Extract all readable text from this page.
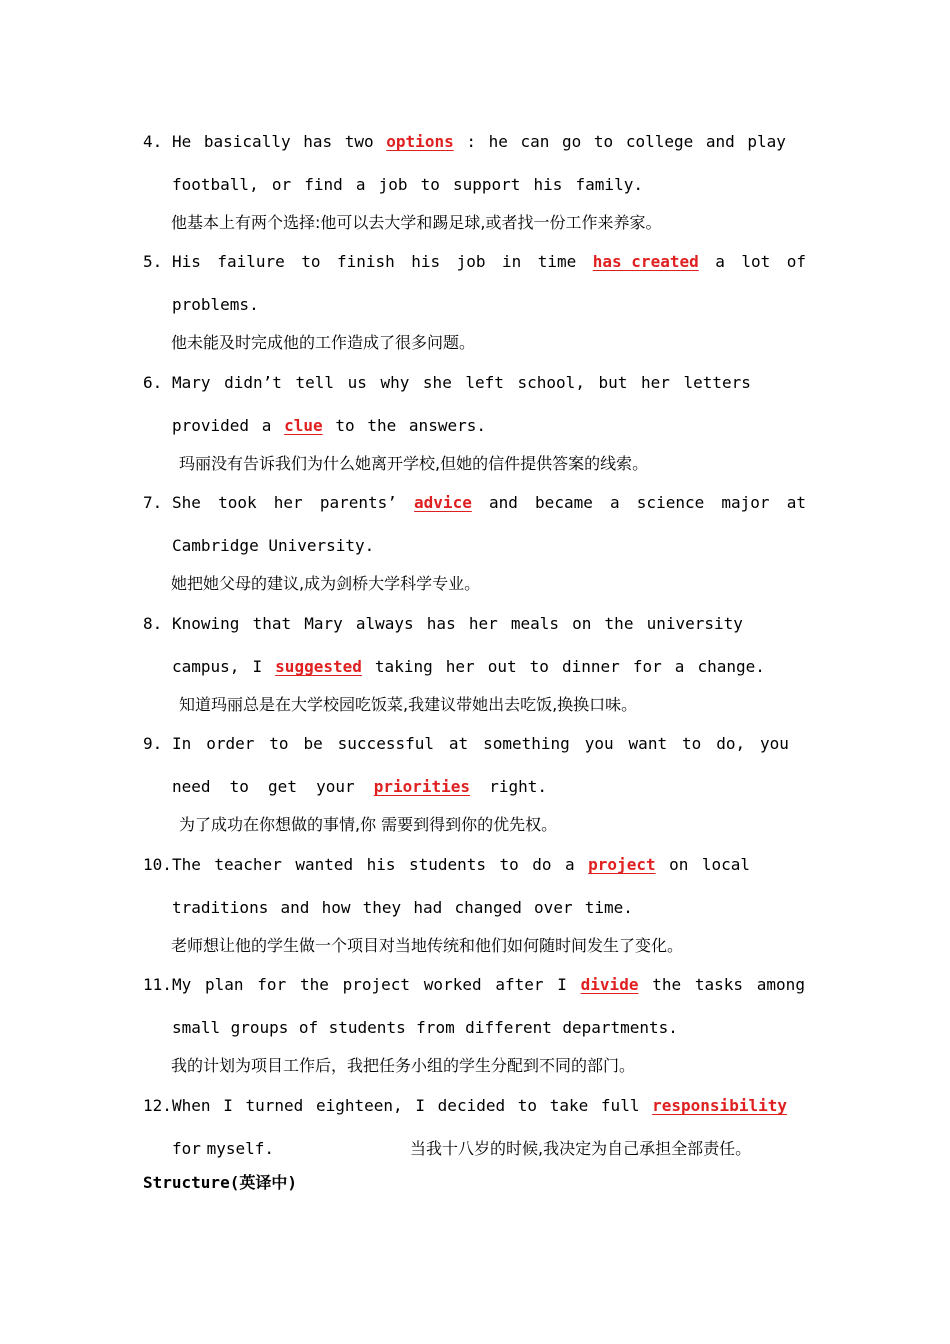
4. He basically has two options : he can go to college and play
football, or find a job to support his family.
他基本上有两个选择:他可以去大学和踢足球,或者找一份工作来养家。
5. His failure to finish his job in time has created a lot of
problems.
他未能及时完成他的工作造成了很多问题。
6. Mary didn’t tell us why she left school, but her letters
provided a clue to the answers.
玛丽没有告诉我们为什么她离开学校,但她的信件提供答案的线索。
7. She took her parents’ advice and became a science major at
Cambridge University.
她把她父母的建议,成为剑桥大学科学专业。
8. Knowing that Mary always has her meals on the university
campus, I suggested taking her out to dinner for a change.
知道玛丽总是在大学校园吃饭菜,我建议带她出去吃饭,换换口味。
9. In order to be successful at something you want to do, you
need to get your priorities right.
为了成功在你想做的事情,你 需要到得到你的优先权。
10. The teacher wanted his students to do a project on local
traditions and how they had changed over time.
老师想让他的学生做一个项目对当地传统和他们如何随时间发生了变化。
11. My plan for the project worked after I divide the tasks among
small groups of students from different departments.
我的计划为项目工作后，我把任务小组的学生分配到不同的部门。
12. When I turned eighteen, I decided to take full responsibility
for myself.	当我十八岁的时候,我决定为自己承担全部责任。
Structure(英译中)
